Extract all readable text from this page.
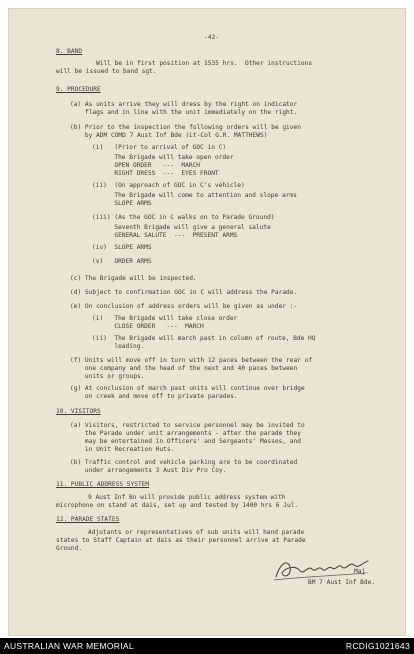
-42-
8. BAND
Will be in first position at 1535 hrs.  Other instructions
will be issued to band sgt.
9. PROCEDURE
(a) As units arrive they will dress by the right on indicator
flags and in line with the unit immediately on the right.
(b) Prior to the inspection the following orders will be given
by ADM COMD 7 Aust Inf Bde (Lt-Col G.R. MATTHEWS)
(i)   (Prior to arrival of GOC in C)
The Brigade will take open order
OPEN ORDER   ---  MARCH
RIGHT DRESS  ---  EYES FRONT
(ii)  (On approach of GOC in C's vehicle)
The Brigade will come to attention and slope arms
SLOPE ARMS
(iii) (As the GOC in C walks on to Parade Ground)
Seventh Brigade will give a general salute
GENERAL SALUTE  ---  PRESENT ARMS
(iv)  SLOPE ARMS
(v)   ORDER ARMS
(c) The Brigade will be inspected.
(d) Subject to confirmation GOC in C will address the Parade.
(e) On conclusion of address orders will be given as under :-
(i)   The Brigade will take close order
CLOSE ORDER   ---  MARCH
(ii)  The Brigade will march past in column of route, Bde HQ
leading.
(f) Units will move off in turn with 12 paces between the rear of
one company and the head of the next and 40 paces between
units or groups.
(g) At conclusion of march past units will continue over bridge
on creek and move off to private parades.
10. VISITORS
(a) Visitors, restricted to service personnel may be invited to
the Parade under unit arrangements - after the parade they
may be entertained in Officers' and Sergeants' Messes, and
in Unit Recreation Huts.
(b) Traffic control and vehicle parking are to be coordinated
under arrangements 3 Aust Div Pro Coy.
11. PUBLIC ADDRESS SYSTEM
9 Aust Inf Bn will provide public address system with
microphone on stand at dais, set up and tested by 1400 hrs 6 Jul.
12. PARADE STATES
Adjutants or representatives of sub units will hand parade
states to Staff Captain at dais as their personnel arrive at Parade
Ground.
Maj.
BM 7 Aust Inf Bde.
AUSTRALIAN WAR MEMORIAL	RCDIG1021643
